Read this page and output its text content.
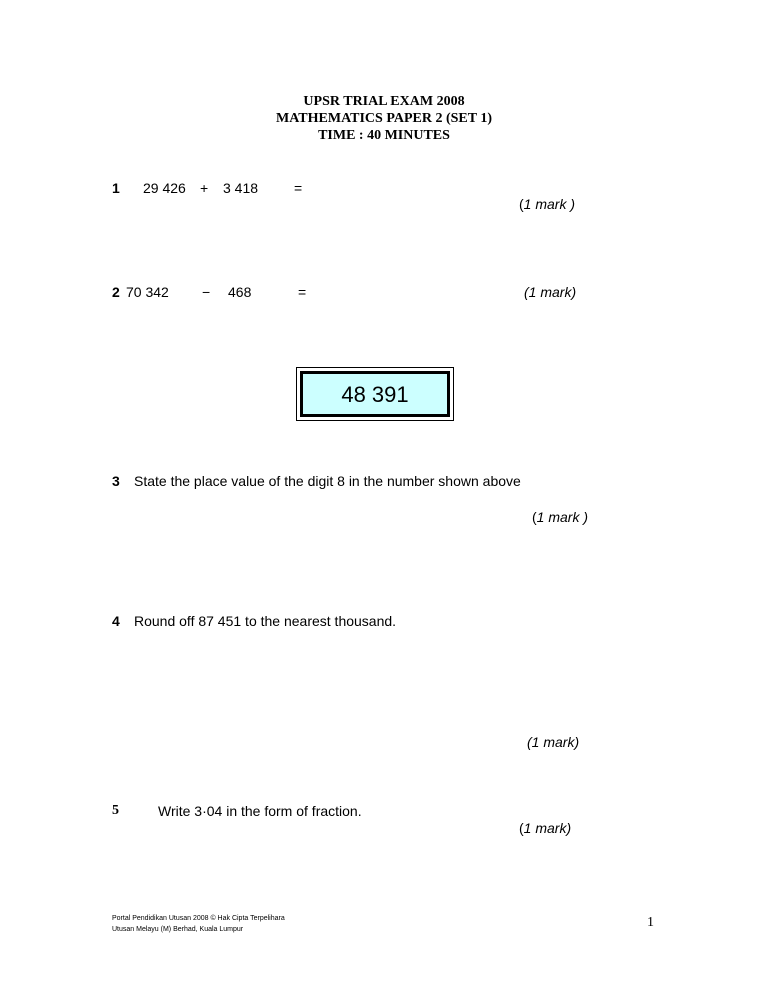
UPSR TRIAL EXAM 2008
MATHEMATICS PAPER 2 (SET 1)
TIME : 40 MINUTES
1 29 426 + 3 418	=
(1 mark )
2 70 342 − 468	=	(1 mark)
48 391
3 State the place value of the digit 8 in the number shown above
(1 mark )
4 Round off 87 451 to the nearest thousand.
(1 mark)
5	Write 3·04 in the form of fraction.
(1 mark)
Portal Pendidikan Utusan 2008 © Hak Cipta Terpelihara
Utusan Melayu (M) Berhad, Kuala Lumpur	1
